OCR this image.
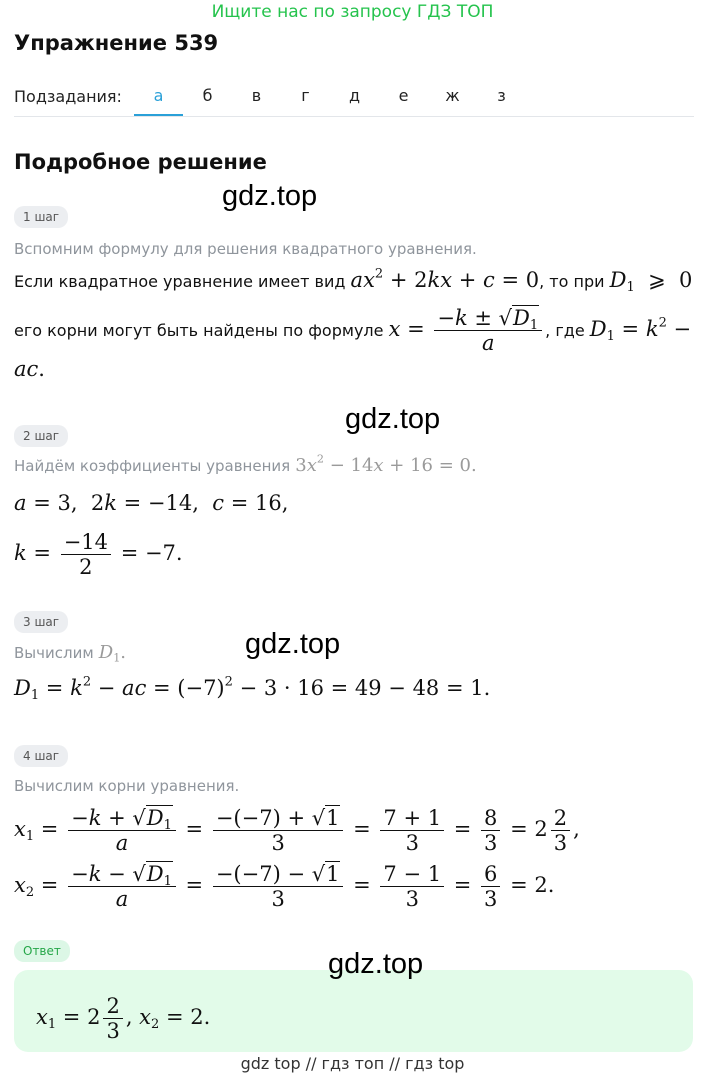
Ищите нас по запросу ГДЗ ТОП
Упражнение 539
Подзадания:	а	б	в	г	д	е	ж	з
Подробное решение
gdz.top
1 шаг
Вспомним формулу для решения квадратного уравнения.
Если квадратное уравнение имеет вид $ax^2 + 2kx + c = 0$, то при $D_1$  ⩾  0
его корни могут быть найдены по формуле $x = \frac{-k \pm √D_1}{a}$ , где $D_1 = k^2$ −
ac.
gdz.top
2 шаг
Найдём коэффициенты уравнения $3x^2 - 14x + 16 = 0$.
a = 3,  2k = −14,  c = 16,
$k = \frac{-14}{2} = -7$.
gdz.top
3 шаг
Вычислим $D_1$.
$D_1 = k^2$ − ac = $(-7)^2 - 3 \cdot 16 = 49 - 48 = 1$.
4 шаг
Вычислим корни уравнения.
$x_1 = \frac{-k + √D_1}{a} = \frac{-(-7) + √1}{3} = \frac{7 + 1}{3} = \frac{8}{3} = 2 \frac{2}{3}$ ,
$x_2 = \frac{-k - √D_1}{a} = \frac{-(-7) - √1}{3} = \frac{7 - 1}{3} = \frac{6}{3} = 2$.
Ответ	gdz.top
$x_1 = 2 \frac{2}{3}$ , $x_2 = 2$.
gdz top // гдз топ // гдз top
